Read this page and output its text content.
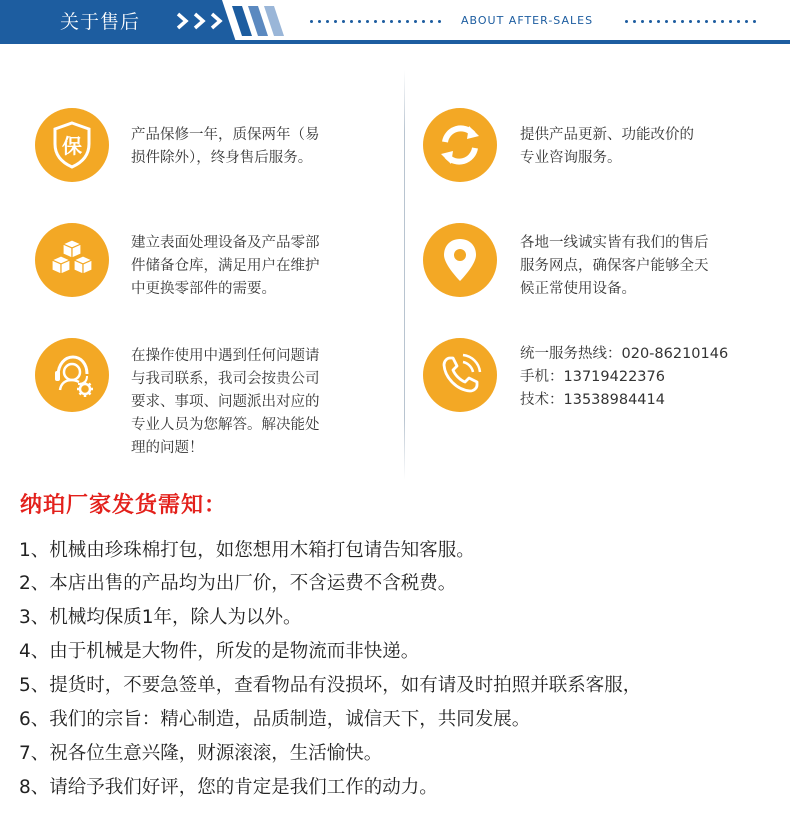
关于售后	ABOUT AFTER-SALES
保	产品保修一年，质保两年（易
损件除外），终身售后服务。
提供产品更新、功能改价的
专业咨询服务。
建立表面处理设备及产品零部
件储备仓库，满足用户在维护
中更换零部件的需要。
各地一线诚实皆有我们的售后
服务网点，确保客户能够全天
候正常使用设备。
在操作使用中遇到任何问题请
与我司联系，我司会按贵公司
要求、事项、问题派出对应的
专业人员为您解答。解决能处
理的问题！
统一服务热线：020-86210146
手机：13719422376
技术：13538984414
纳珀厂家发货需知：
1、机械由珍珠棉打包，如您想用木箱打包请告知客服。
2、本店出售的产品均为出厂价，不含运费不含税费。
3、机械均保质1年，除人为以外。
4、由于机械是大物件，所发的是物流而非快递。
5、提货时，不要急签单，查看物品有没损坏，如有请及时拍照并联系客服，
6、我们的宗旨：精心制造，品质制造，诚信天下，共同发展。
7、祝各位生意兴隆，财源滚滚，生活愉快。
8、请给予我们好评，您的肯定是我们工作的动力。
